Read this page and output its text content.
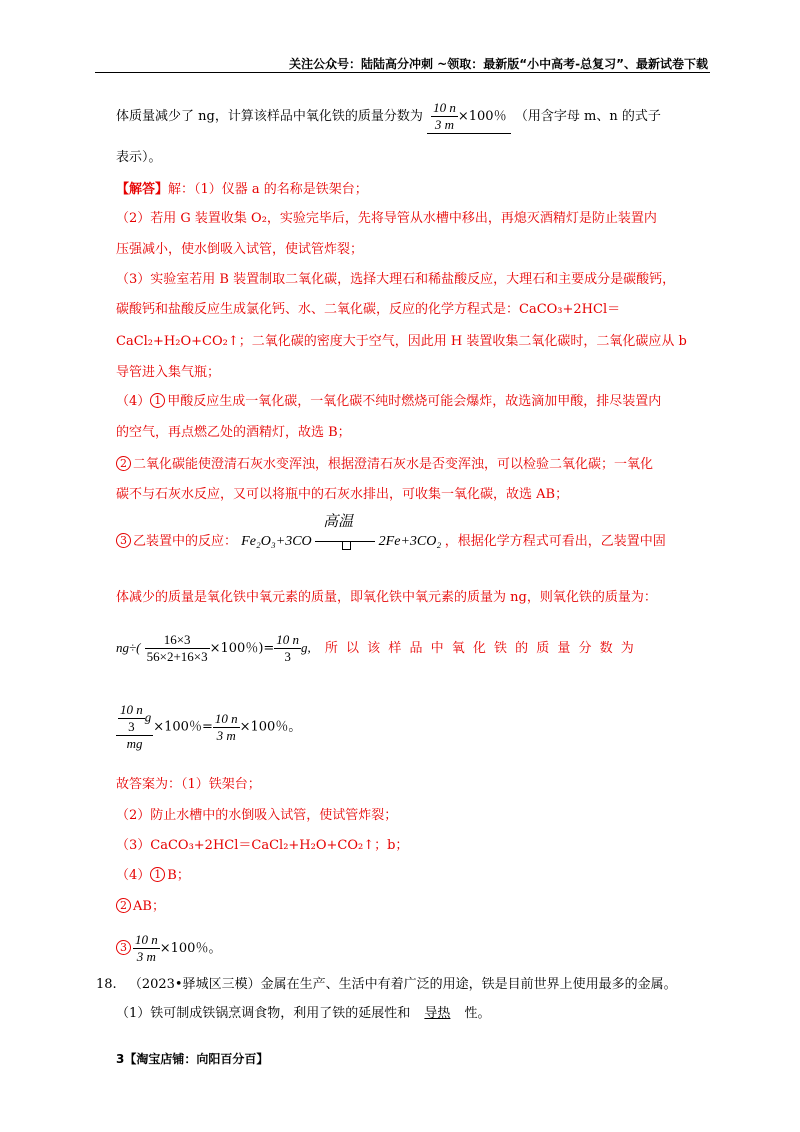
关注公众号：陆陆高分冲刺 ~领取：最新版“小中高考-总复习”、最新试卷下载
体质量减少了 ng，计算该样品中氧化铁的质量分数为 $\frac{10 n}{3 m} \times 100$％ （用含字母 m、n 的式子
表示）。
【解答】解：（1）仪器 a 的名称是铁架台；
（2）若用 G 装置收集 O₂，实验完毕后，先将导管从水槽中移出，再熄灭酒精灯是防止装置内
压强减小，使水倒吸入试管，使试管炸裂；
（3）实验室若用 B 装置制取二氧化碳，选择大理石和稀盐酸反应，大理石和主要成分是碳酸钙，
碳酸钙和盐酸反应生成氯化钙、水、二氧化碳，反应的化学方程式是：CaCO₃+2HCl＝
CaCl₂+H₂O+CO₂↑；二氧化碳的密度大于空气，因此用 H 装置收集二氧化碳时，二氧化碳应从 b
导管进入集气瓶；
（4） 1 甲酸反应生成一氧化碳，一氧化碳不纯时燃烧可能会爆炸，故选滴加甲酸，排尽装置内
的空气，再点燃乙处的酒精灯，故选 B；
2 二氧化碳能使澄清石灰水变浑浊，根据澄清石灰水是否变浑浊，可以检验二氧化碳；一氧化
碳不与石灰水反应，又可以将瓶中的石灰水排出，可收集一氧化碳，故选 AB；
3 乙装置中的反应： Fe₂O₃+3CO
高温
2Fe+3CO₂ ，根据化学方程式可看出，乙装置中固
体减少的质量是氧化铁中氧元素的质量，即氧化铁中氧元素的质量为 ng，则氧化铁的质量为：
$ng\div( \frac{16\times 3}{56\times 2+16\times 3} \times 100$％)= $\frac{10 n}{3} g$, 所 以 该 样 品 中 氧 化 铁 的 质 量 分 数 为
$\frac{\frac{10 n}{3} g}{mg} \times 100$％= $\frac{10 n}{3 m} \times 100$％。
故答案为：（1）铁架台；
（2）防止水槽中的水倒吸入试管，使试管炸裂；
（3）CaCO₃+2HCl＝CaCl₂+H₂O+CO₂↑；b；
（4） 1 B；
2 AB；
$3 \frac{10 n}{3 m} \times 100$％。
18. （2023•驿城区三模）金属在生产、生活中有着广泛的用途，铁是目前世界上使用最多的金属。
（1）铁可制成铁锅烹调食物，利用了铁的延展性和 导热 性。
3【淘宝店铺：向阳百分百】
